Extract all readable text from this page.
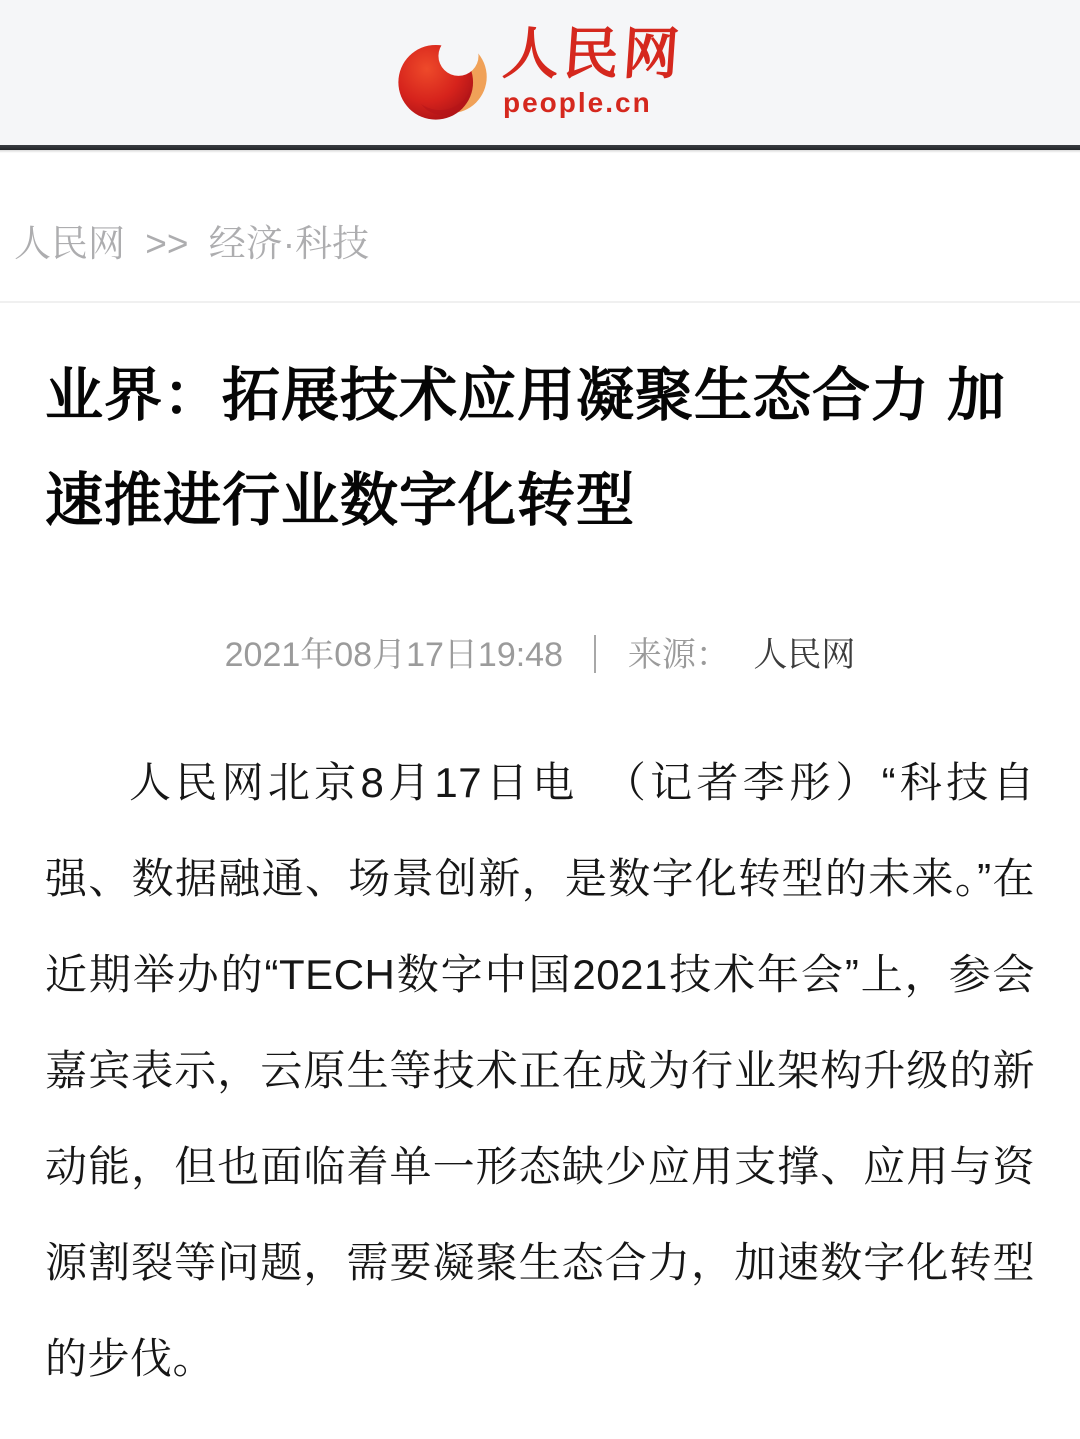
人民网
people.cn
人民网 >> 经济·科技
业界：拓展技术应用凝聚生态合力 加速推进行业数字化转型
2021年08月17日19:48 来源： 人民网

人民网北京8月17日电　（记者李彤）“科技自强、数据融通、场景创新，是数字化转型的未来。”在近期举办的“TECH数字中国2021技术年会”上，参会嘉宾表示，云原生等技术正在成为行业架构升级的新动能，但也面临着单一形态缺少应用支撑、应用与资源割裂等问题，需要凝聚生态合力，加速数字化转型的步伐。
